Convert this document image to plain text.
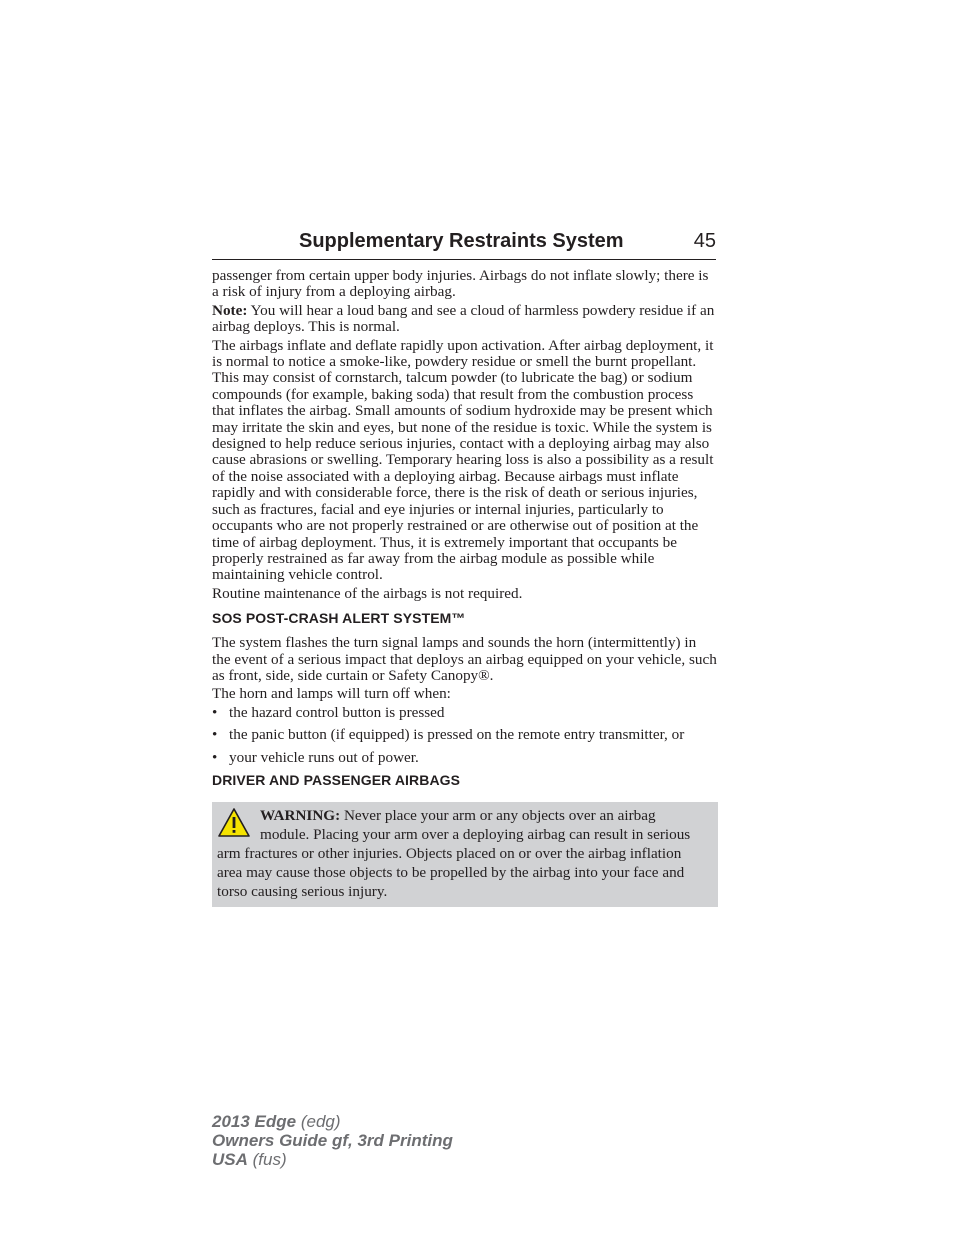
Supplementary Restraints System	45

passenger from certain upper body injuries. Airbags do not inflate slowly; there is a risk of injury from a deploying airbag.

Note: You will hear a loud bang and see a cloud of harmless powdery residue if an airbag deploys. This is normal.

The airbags inflate and deflate rapidly upon activation. After airbag deployment, it is normal to notice a smoke-like, powdery residue or smell the burnt propellant. This may consist of cornstarch, talcum powder (to lubricate the bag) or sodium compounds (for example, baking soda) that result from the combustion process that inflates the airbag. Small amounts of sodium hydroxide may be present which may irritate the skin and eyes, but none of the residue is toxic. While the system is designed to help reduce serious injuries, contact with a deploying airbag may also cause abrasions or swelling. Temporary hearing loss is also a possibility as a result of the noise associated with a deploying airbag. Because airbags must inflate rapidly and with considerable force, there is the risk of death or serious injuries, such as fractures, facial and eye injuries or internal injuries, particularly to occupants who are not properly restrained or are otherwise out of position at the time of airbag deployment. Thus, it is extremely important that occupants be properly restrained as far away from the airbag module as possible while maintaining vehicle control.

Routine maintenance of the airbags is not required.

SOS POST-CRASH ALERT SYSTEM™

The system flashes the turn signal lamps and sounds the horn (intermittently) in the event of a serious impact that deploys an airbag equipped on your vehicle, such as front, side, side curtain or Safety Canopy®.

The horn and lamps will turn off when:

• the hazard control button is pressed
• the panic button (if equipped) is pressed on the remote entry transmitter, or
• your vehicle runs out of power.
DRIVER AND PASSENGER AIRBAGS
WARNING: Never place your arm or any objects over an airbag module. Placing your arm over a deploying airbag can result in serious arm fractures or other injuries. Objects placed on or over the airbag inflation area may cause those objects to be propelled by the airbag into your face and torso causing serious injury.
2013 Edge (edg)
Owners Guide gf, 3rd Printing
USA (fus)
